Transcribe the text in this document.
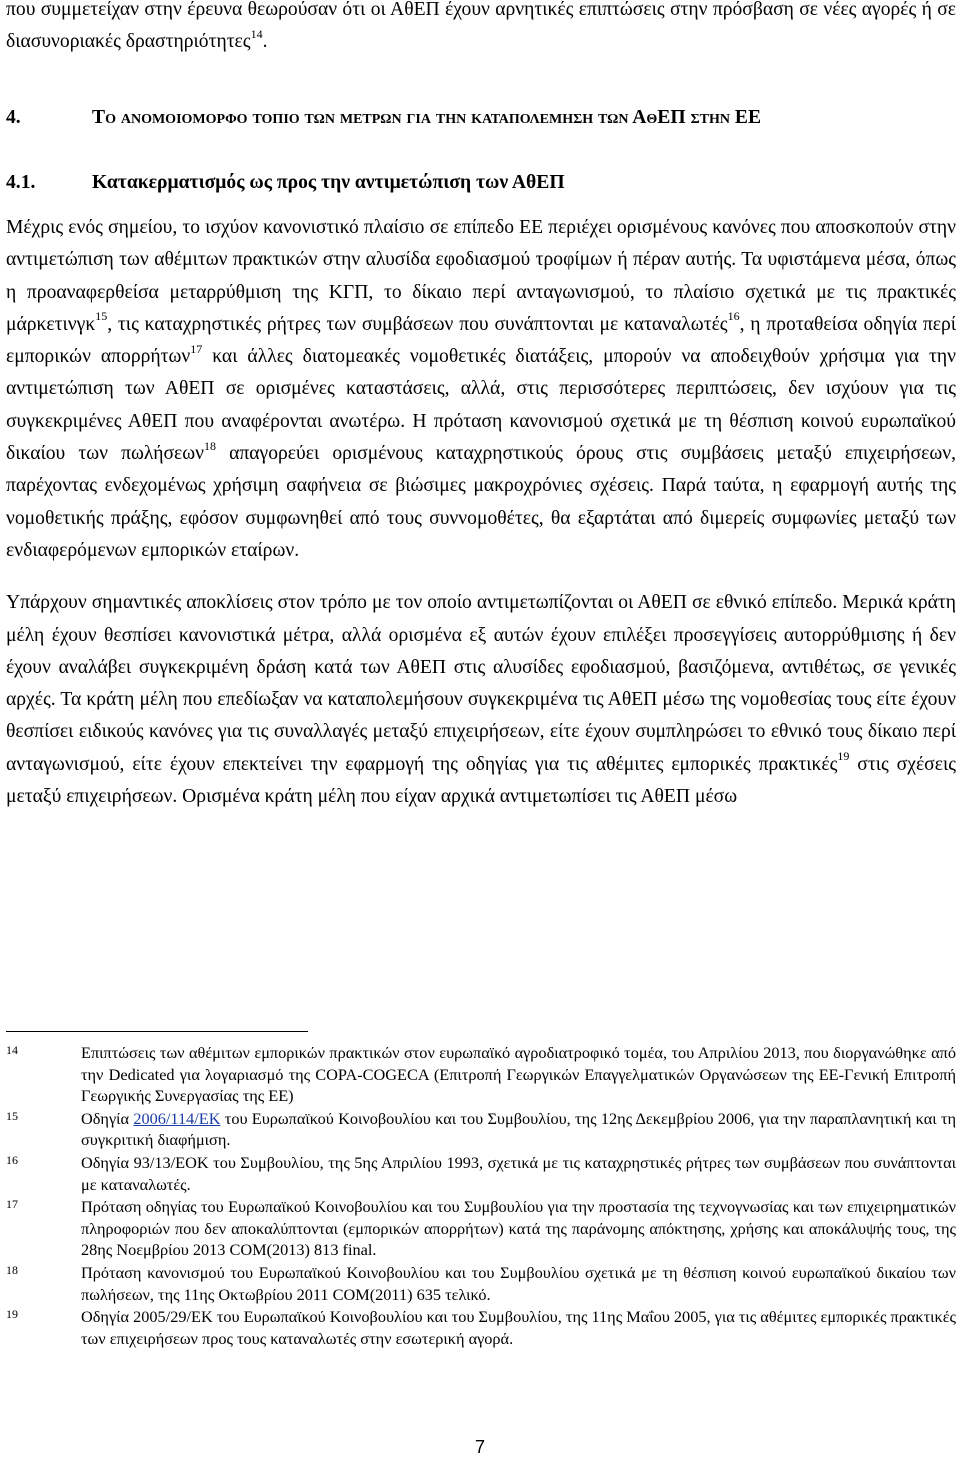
που συμμετείχαν στην έρευνα θεωρούσαν ότι οι ΑθΕΠ έχουν αρνητικές επιπτώσεις στην πρόσβαση σε νέες αγορές ή σε διασυνοριακές δραστηριότητες$^{14}$.

4.	Το ανομοιομορφο τοπιο των μετρων για την καταπολεμηση των ΑθΕΠ στην ΕΕ
4.1.	Κατακερματισμός ως προς την αντιμετώπιση των ΑθΕΠ

Μέχρις ενός σημείου, το ισχύον κανονιστικό πλαίσιο σε επίπεδο ΕΕ περιέχει ορισμένους κανόνες που αποσκοπούν στην αντιμετώπιση των αθέμιτων πρακτικών στην αλυσίδα εφοδιασμού τροφίμων ή πέραν αυτής. Τα υφιστάμενα μέσα, όπως η προαναφερθείσα μεταρρύθμιση της ΚΓΠ, το δίκαιο περί ανταγωνισμού, το πλαίσιο σχετικά με τις πρακτικές μάρκετινγκ$^{15}$, τις καταχρηστικές ρήτρες των συμβάσεων που συνάπτονται με καταναλωτές$^{16}$, η προταθείσα οδηγία περί εμπορικών απορρήτων$^{17}$ και άλλες διατομεακές νομοθετικές διατάξεις, μπορούν να αποδειχθούν χρήσιμα για την αντιμετώπιση των ΑθΕΠ σε ορισμένες καταστάσεις, αλλά, στις περισσότερες περιπτώσεις, δεν ισχύουν για τις συγκεκριμένες ΑθΕΠ που αναφέρονται ανωτέρω. Η πρόταση κανονισμού σχετικά με τη θέσπιση κοινού ευρωπαϊκού δικαίου των πωλήσεων$^{18}$ απαγορεύει ορισμένους καταχρηστικούς όρους στις συμβάσεις μεταξύ επιχειρήσεων, παρέχοντας ενδεχομένως χρήσιμη σαφήνεια σε βιώσιμες μακροχρόνιες σχέσεις. Παρά ταύτα, η εφαρμογή αυτής της νομοθετικής πράξης, εφόσον συμφωνηθεί από τους συννομοθέτες, θα εξαρτάται από διμερείς συμφωνίες μεταξύ των ενδιαφερόμενων εμπορικών εταίρων.

Υπάρχουν σημαντικές αποκλίσεις στον τρόπο με τον οποίο αντιμετωπίζονται οι ΑθΕΠ σε εθνικό επίπεδο. Μερικά κράτη μέλη έχουν θεσπίσει κανονιστικά μέτρα, αλλά ορισμένα εξ αυτών έχουν επιλέξει προσεγγίσεις αυτορρύθμισης ή δεν έχουν αναλάβει συγκεκριμένη δράση κατά των ΑθΕΠ στις αλυσίδες εφοδιασμού, βασιζόμενα, αντιθέτως, σε γενικές αρχές. Τα κράτη μέλη που επεδίωξαν να καταπολεμήσουν συγκεκριμένα τις ΑθΕΠ μέσω της νομοθεσίας τους είτε έχουν θεσπίσει ειδικούς κανόνες για τις συναλλαγές μεταξύ επιχειρήσεων, είτε έχουν συμπληρώσει το εθνικό τους δίκαιο περί ανταγωνισμού, είτε έχουν επεκτείνει την εφαρμογή της οδηγίας για τις αθέμιτες εμπορικές πρακτικές$^{19}$ στις σχέσεις μεταξύ επιχειρήσεων. Ορισμένα κράτη μέλη που είχαν αρχικά αντιμετωπίσει τις ΑθΕΠ μέσω

14	Επιπτώσεις των αθέμιτων εμπορικών πρακτικών στον ευρωπαϊκό αγροδιατροφικό τομέα, του Απριλίου 2013, που διοργανώθηκε από την Dedicated για λογαριασμό της COPA-COGECA (Επιτροπή Γεωργικών Επαγγελματικών Οργανώσεων της ΕΕ-Γενική Επιτροπή Γεωργικής Συνεργασίας της ΕΕ)
15	Οδηγία 2006/114/ΕΚ του Ευρωπαϊκού Κοινοβουλίου και του Συμβουλίου, της 12ης Δεκεμβρίου 2006, για την παραπλανητική και τη συγκριτική διαφήμιση.
16	Οδηγία 93/13/ΕΟΚ του Συμβουλίου, της 5ης Απριλίου 1993, σχετικά με τις καταχρηστικές ρήτρες των συμβάσεων που συνάπτονται με καταναλωτές.
17	Πρόταση οδηγίας του Ευρωπαϊκού Κοινοβουλίου και του Συμβουλίου για την προστασία της τεχνογνωσίας και των επιχειρηματικών πληροφοριών που δεν αποκαλύπτονται (εμπορικών απορρήτων) κατά της παράνομης απόκτησης, χρήσης και αποκάλυψής τους, της 28ης Νοεμβρίου 2013 COM(2013) 813 final.
18	Πρόταση κανονισμού του Ευρωπαϊκού Κοινοβουλίου και του Συμβουλίου σχετικά με τη θέσπιση κοινού ευρωπαϊκού δικαίου των πωλήσεων, της 11ης Οκτωβρίου 2011 COM(2011) 635 τελικό.
19	Οδηγία 2005/29/ΕΚ του Ευρωπαϊκού Κοινοβουλίου και του Συμβουλίου, της 11ης Μαΐου 2005, για τις αθέμιτες εμπορικές πρακτικές των επιχειρήσεων προς τους καταναλωτές στην εσωτερική αγορά.
7
